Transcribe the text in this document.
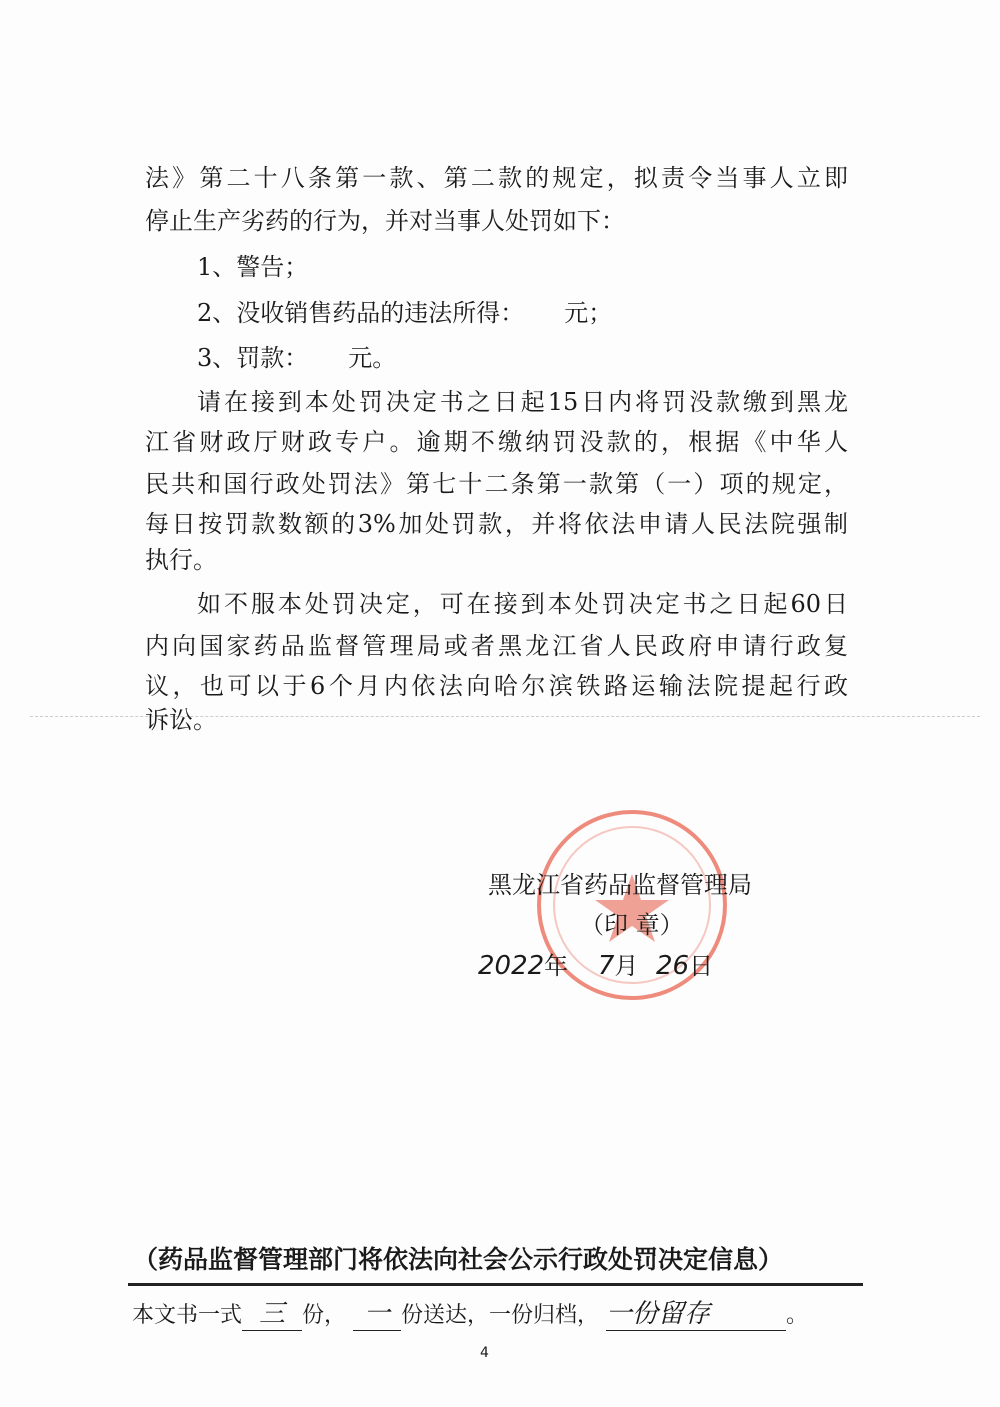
法》第二十八条第一款、第二款的规定，拟责令当事人立即
停止生产劣药的行为，并对当事人处罚如下：
1、警告；
2、没收销售药品的违法所得： 元；
3、罚款： 元。
请在接到本处罚决定书之日起15日内将罚没款缴到黑龙
江省财政厅财政专户。逾期不缴纳罚没款的，根据《中华人
民共和国行政处罚法》第七十二条第一款第（一）项的规定，
每日按罚款数额的3%加处罚款，并将依法申请人民法院强制
执行。
如不服本处罚决定，可在接到本处罚决定书之日起60日
内向国家药品监督管理局或者黑龙江省人民政府申请行政复
议，也可以于6个月内依法向哈尔滨铁路运输法院提起行政
诉讼。
黑龙江省药品监督管理局
（印 章）
2022年 7月 26日
（药品监督管理部门将依法向社会公示行政处罚决定信息）
本文书一式 三 份， 一 份送达，一份归档， 一份留存	。
4
